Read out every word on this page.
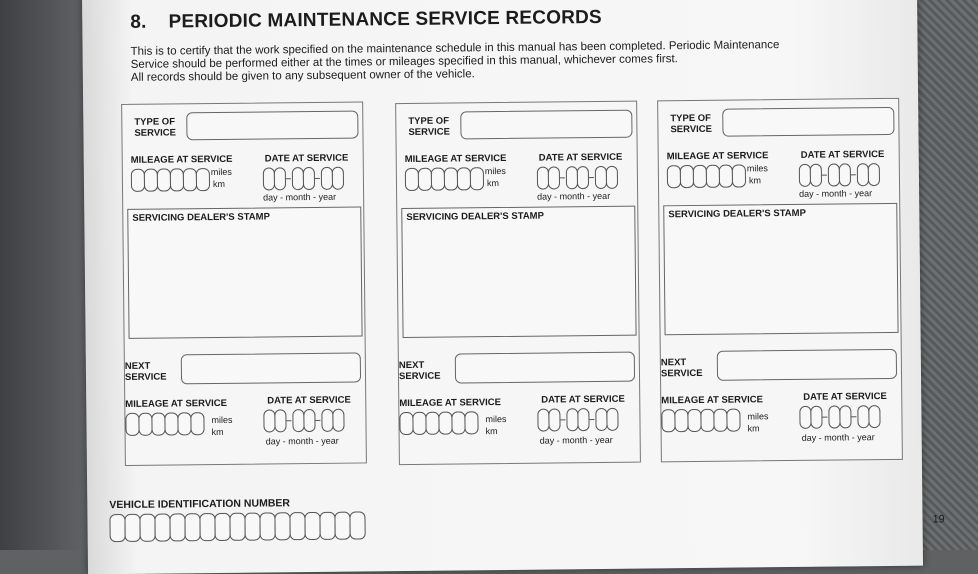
8. PERIODIC MAINTENANCE SERVICE RECORDS
This is to certify that the work specified on the maintenance schedule in this manual has been completed. Periodic Maintenance
Service should be performed either at the times or mileages specified in this manual, whichever comes first.
All records should be given to any subsequent owner of the vehicle.
TYPE OF SERVICE
MILEAGE AT SERVICE	DATE AT SERVICE
miles
km
day - month - year
SERVICING DEALER'S STAMP
NEXT SERVICE
MILEAGE AT SERVICE	DATE AT SERVICE
miles
km
day - month - year
TYPE OF SERVICE
MILEAGE AT SERVICE	DATE AT SERVICE
miles
km
day - month - year
SERVICING DEALER'S STAMP
NEXT SERVICE
MILEAGE AT SERVICE	DATE AT SERVICE
miles
km
day - month - year
TYPE OF SERVICE
MILEAGE AT SERVICE	DATE AT SERVICE
miles
km
day - month - year
SERVICING DEALER'S STAMP
NEXT SERVICE
MILEAGE AT SERVICE	DATE AT SERVICE
miles
km
day - month - year
VEHICLE IDENTIFICATION NUMBER
19
